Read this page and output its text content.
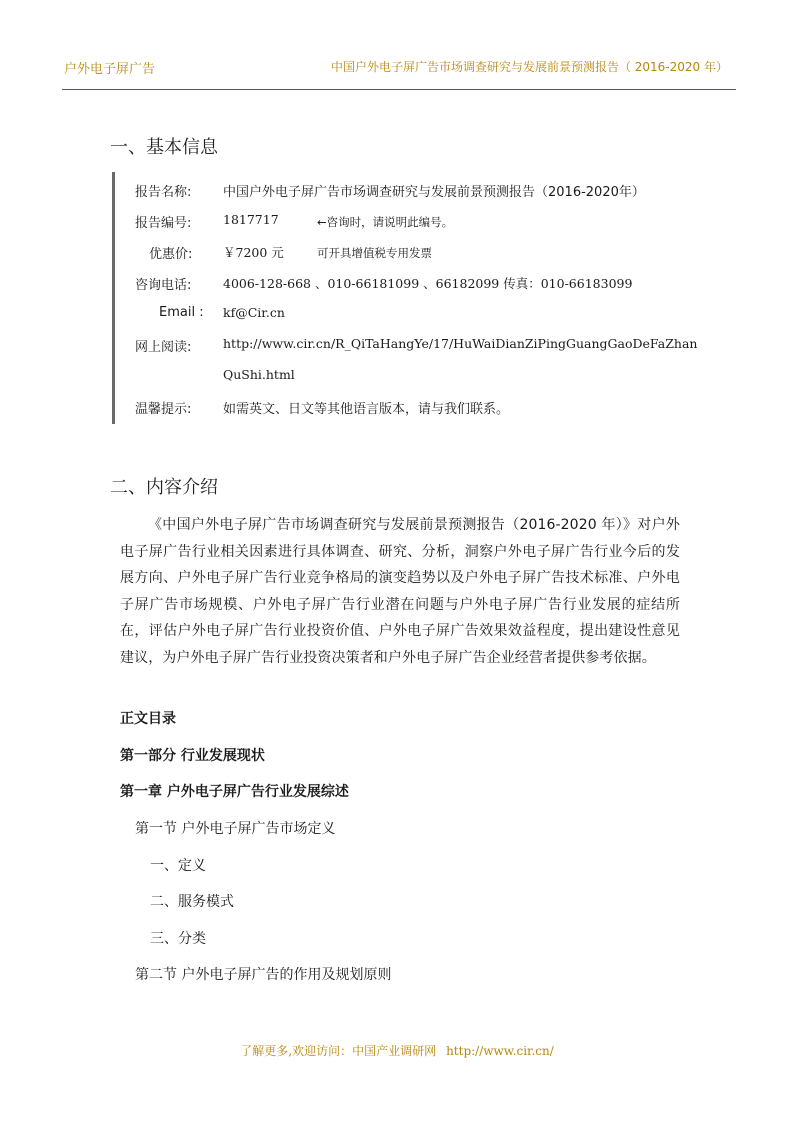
户外电子屏广告	中国户外电子屏广告市场调查研究与发展前景预测报告（ 2016-2020 年）
一、基本信息
报告名称: 中国户外电子屏广告市场调查研究与发展前景预测报告（2016-2020年）
报告编号:	1817717	←咨询时，请说明此编号。
优惠价: ￥7200 元	可开具增值税专用发票
咨询电话:	4006-128-668 、010-66181099 、66182099 传真：010-66183099
Email : kf@Cir.cn
网上阅读:	http://www.cir.cn/R_QiTaHangYe/17/HuWaiDianZiPingGuangGaoDeFaZhan
QuShi.html
温馨提示: 如需英文、日文等其他语言版本，请与我们联系。
二、内容介绍
《中国户外电子屏广告市场调查研究与发展前景预测报告（2016-2020 年）》对户外电子屏广告行业相关因素进行具体调查、研究、分析，洞察户外电子屏广告行业今后的发展方向、户外电子屏广告行业竞争格局的演变趋势以及户外电子屏广告技术标准、户外电子屏广告市场规模、户外电子屏广告行业潜在问题与户外电子屏广告行业发展的症结所在，评估户外电子屏广告行业投资价值、户外电子屏广告效果效益程度，提出建设性意见建议，为户外电子屏广告行业投资决策者和户外电子屏广告企业经营者提供参考依据。
正文目录
第一部分 行业发展现状
第一章 户外电子屏广告行业发展综述
第一节 户外电子屏广告市场定义
一、定义
二、服务模式
三、分类
第二节 户外电子屏广告的作用及规划原则
了解更多,欢迎访问：中国产业调研网 http://www.cir.cn/
